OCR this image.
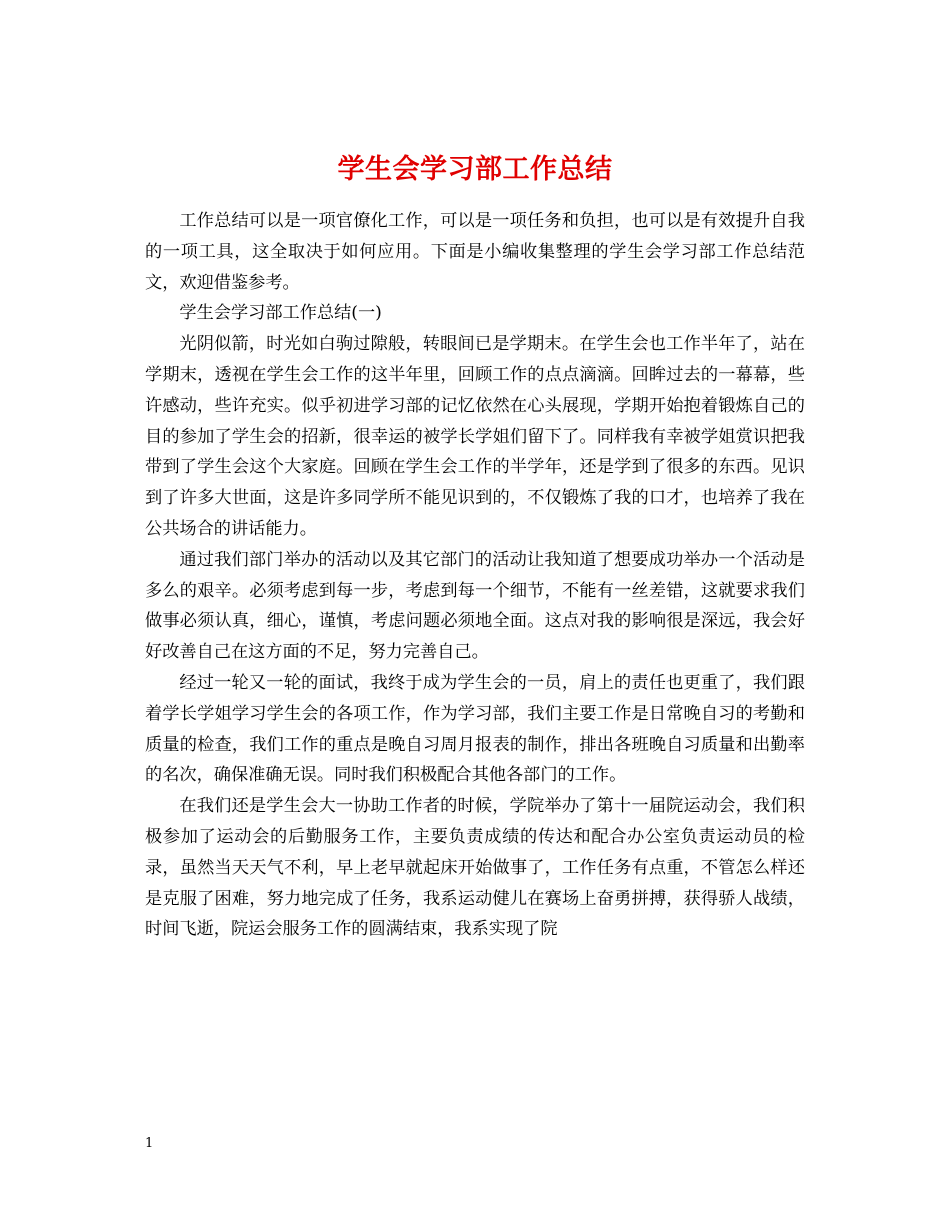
学生会学习部工作总结

工作总结可以是一项官僚化工作，可以是一项任务和负担，也可以是有效提升自我的一项工具，这全取决于如何应用。下面是小编收集整理的学生会学习部工作总结范文，欢迎借鉴参考。

学生会学习部工作总结(一)

光阴似箭，时光如白驹过隙般，转眼间已是学期末。在学生会也工作半年了，站在学期末，透视在学生会工作的这半年里，回顾工作的点点滴滴。回眸过去的一幕幕，些许感动，些许充实。似乎初进学习部的记忆依然在心头展现，学期开始抱着锻炼自己的目的参加了学生会的招新，很幸运的被学长学姐们留下了。同样我有幸被学姐赏识把我带到了学生会这个大家庭。回顾在学生会工作的半学年，还是学到了很多的东西。见识到了许多大世面，这是许多同学所不能见识到的，不仅锻炼了我的口才，也培养了我在公共场合的讲话能力。

通过我们部门举办的活动以及其它部门的活动让我知道了想要成功举办一个活动是多么的艰辛。必须考虑到每一步，考虑到每一个细节，不能有一丝差错，这就要求我们做事必须认真，细心，谨慎，考虑问题必须地全面。这点对我的影响很是深远，我会好好改善自己在这方面的不足，努力完善自己。

经过一轮又一轮的面试，我终于成为学生会的一员，肩上的责任也更重了，我们跟着学长学姐学习学生会的各项工作，作为学习部，我们主要工作是日常晚自习的考勤和质量的检查，我们工作的重点是晚自习周月报表的制作，排出各班晚自习质量和出勤率的名次，确保准确无误。同时我们积极配合其他各部门的工作。

在我们还是学生会大一协助工作者的时候，学院举办了第十一届院运动会，我们积极参加了运动会的后勤服务工作，主要负责成绩的传达和配合办公室负责运动员的检录，虽然当天天气不利，早上老早就起床开始做事了，工作任务有点重，不管怎么样还是克服了困难，努力地完成了任务，我系运动健儿在赛场上奋勇拼搏，获得骄人战绩，时间飞逝，院运会服务工作的圆满结束，我系实现了院

1
